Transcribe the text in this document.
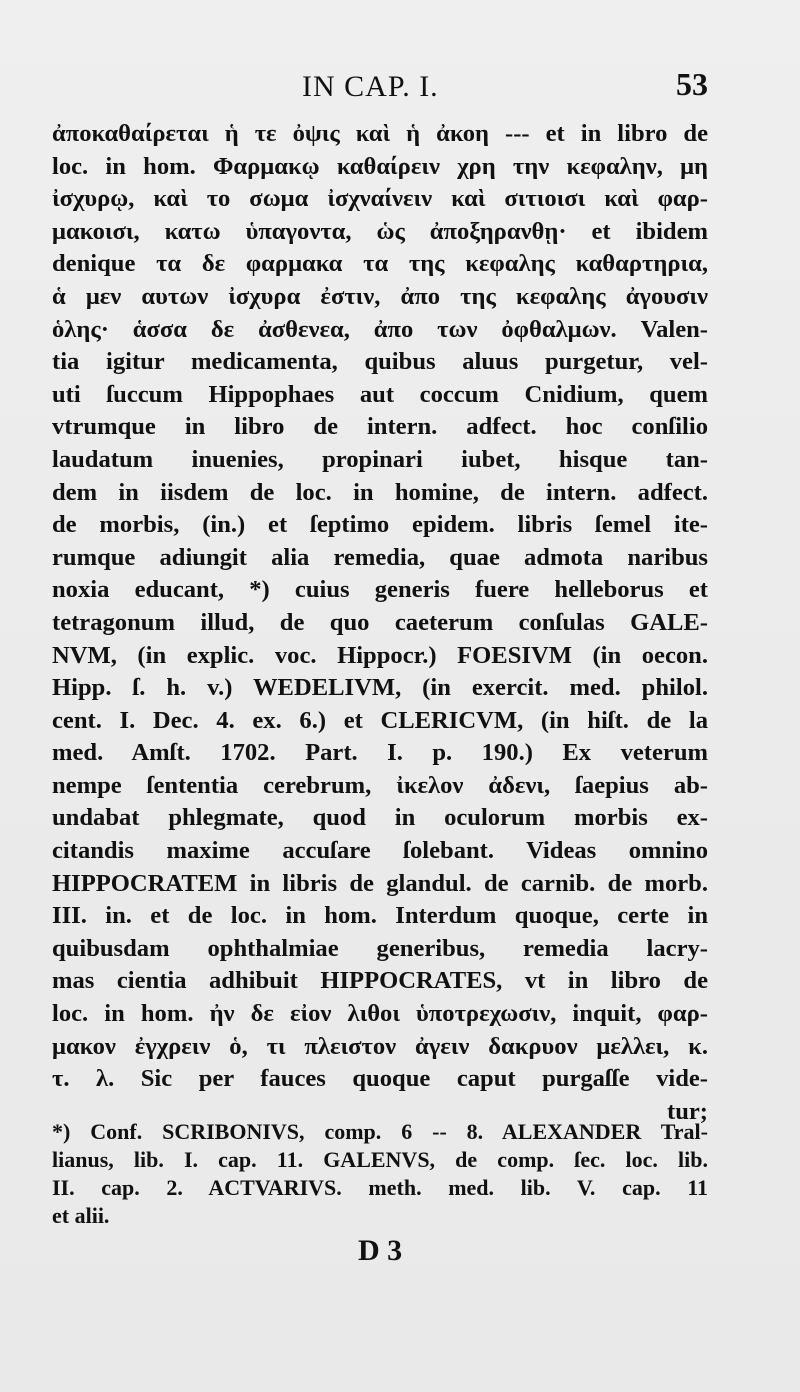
IN CAP. I.	53
ἀποκαθαίρεται ἡ τε ὀψις καὶ ἡ ἀκοη --- et in libro de
loc. in hom. Φαρμακῳ καθαίρειν χρη την κεφαλην, μη
ἰσχυρῳ, καὶ το σωμα ἰσχναίνειν καὶ σιτιοισι καὶ φαρ-
μακοισι, κατω ὑπαγοντα, ὡς ἀποξηρανθῃ· et ibidem
denique τα δε φαρμακα τα της κεφαλης καθαρτηρια,
ἁ μεν αυτων ἰσχυρα ἐστιν, ἀπο της κεφαλης ἀγουσιν
ὁλης· ἁσσα δε ἀσθενεα, ἀπο των ὀφθαλμων. Valen-
tia igitur medicamenta, quibus aluus purgetur, vel-
uti ſuccum Hippophaes aut coccum Cnidium, quem
vtrumque in libro de intern. adfect. hoc conſilio
laudatum inuenies, propinari iubet, hisque tan-
dem in iisdem de loc. in homine, de intern. adfect.
de morbis, (in.) et ſeptimo epidem. libris ſemel ite-
rumque adiungit alia remedia, quae admota naribus
noxia educant, *) cuius generis fuere helleborus et
tetragonum illud, de quo caeterum conſulas GALE-
NVM, (in explic. voc. Hippocr.) FOESIVM (in oecon.
Hipp. ſ. h. v.) WEDELIVM, (in exercit. med. philol.
cent. I. Dec. 4. ex. 6.) et CLERICVM, (in hiſt. de la
med. Amſt. 1702. Part. I. p. 190.) Ex veterum
nempe ſententia cerebrum, ἰκελον ἀδενι, ſaepius ab-
undabat phlegmate, quod in oculorum morbis ex-
citandis maxime accuſare ſolebant. Videas omnino
HIPPOCRATEM in libris de glandul. de carnib. de morb.
III. in. et de loc. in hom. Interdum quoque, certe in
quibusdam ophthalmiae generibus, remedia lacry-
mas cientia adhibuit HIPPOCRATES, vt in libro de
loc. in hom. ἠν δε εἰον λιθοι ὑποτρεχωσιν, inquit, φαρ-
μακον ἐγχρειν ὁ, τι πλειστον ἀγειν δακρυον μελλει, κ.
τ. λ. Sic per fauces quoque caput purgaſſe vide-
tur;
*) Conf. SCRIBONIVS, comp. 6 -- 8. ALEXANDER Tral-
lianus, lib. I. cap. 11. GALENVS, de comp. ſec. loc. lib.
II. cap. 2. ACTVARIVS. meth. med. lib. V. cap. 11
et alii.
D 3
